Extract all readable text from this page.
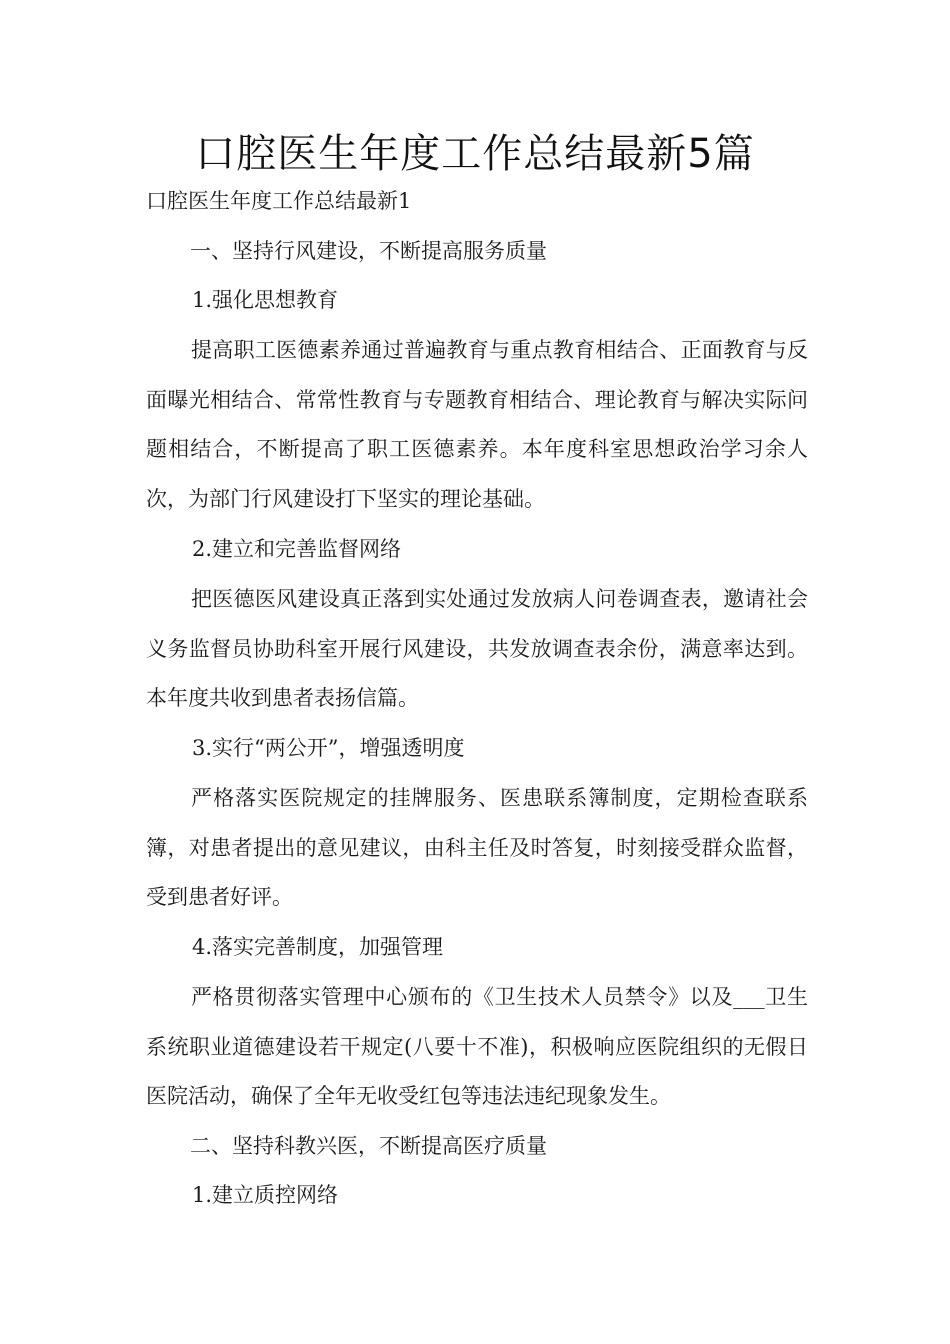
口腔医生年度工作总结最新5篇

口腔医生年度工作总结最新1

一、坚持行风建设，不断提高服务质量

1.强化思想教育

提高职工医德素养通过普遍教育与重点教育相结合、正面教育与反面曝光相结合、常常性教育与专题教育相结合、理论教育与解决实际问题相结合，不断提高了职工医德素养。本年度科室思想政治学习余人次，为部门行风建设打下坚实的理论基础。

2.建立和完善监督网络

把医德医风建设真正落到实处通过发放病人问卷调查表，邀请社会义务监督员协助科室开展行风建设，共发放调查表余份，满意率达到。本年度共收到患者表扬信篇。

3.实行“两公开”，增强透明度

严格落实医院规定的挂牌服务、医患联系簿制度，定期检查联系簿，对患者提出的意见建议，由科主任及时答复，时刻接受群众监督，受到患者好评。

4.落实完善制度，加强管理

严格贯彻落实管理中心颁布的《卫生技术人员禁令》以及___卫生系统职业道德建设若干规定(八要十不准)，积极响应医院组织的无假日医院活动，确保了全年无收受红包等违法违纪现象发生。

二、坚持科教兴医，不断提高医疗质量

1.建立质控网络
